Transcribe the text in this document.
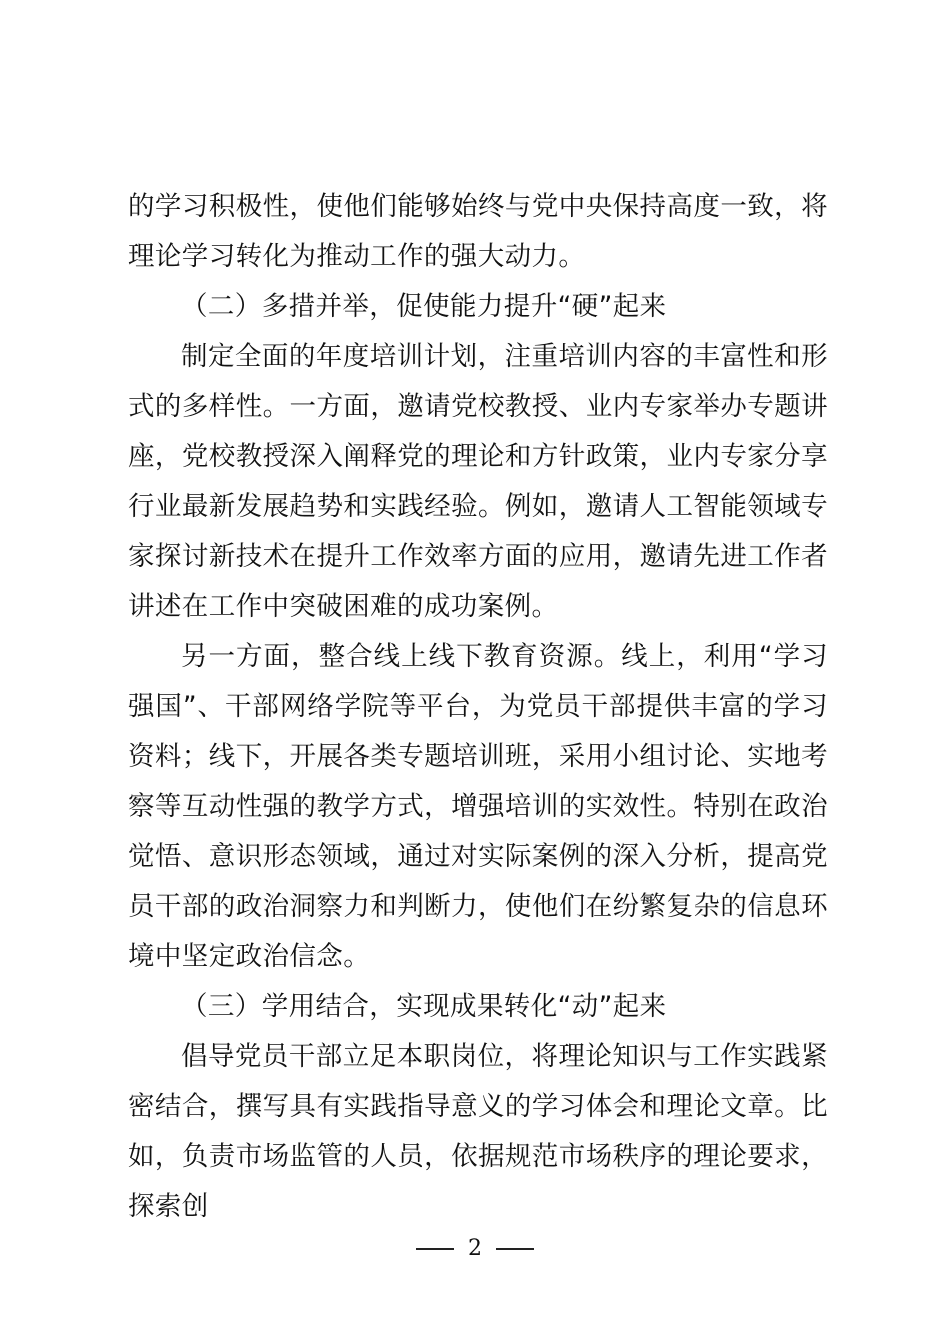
的学习积极性，使他们能够始终与党中央保持高度一致，将理论学习转化为推动工作的强大动力。

（二）多措并举，促使能力提升“硬”起来

制定全面的年度培训计划，注重培训内容的丰富性和形式的多样性。一方面，邀请党校教授、业内专家举办专题讲座，党校教授深入阐释党的理论和方针政策，业内专家分享行业最新发展趋势和实践经验。例如，邀请人工智能领域专家探讨新技术在提升工作效率方面的应用，邀请先进工作者讲述在工作中突破困难的成功案例。

另一方面，整合线上线下教育资源。线上，利用“学习强国”、干部网络学院等平台，为党员干部提供丰富的学习资料；线下，开展各类专题培训班，采用小组讨论、实地考察等互动性强的教学方式，增强培训的实效性。特别在政治觉悟、意识形态领域，通过对实际案例的深入分析，提高党员干部的政治洞察力和判断力，使他们在纷繁复杂的信息环境中坚定政治信念。

（三）学用结合，实现成果转化“动”起来

倡导党员干部立足本职岗位，将理论知识与工作实践紧密结合，撰写具有实践指导意义的学习体会和理论文章。比如，负责市场监管的人员，依据规范市场秩序的理论要求，探索创

2
